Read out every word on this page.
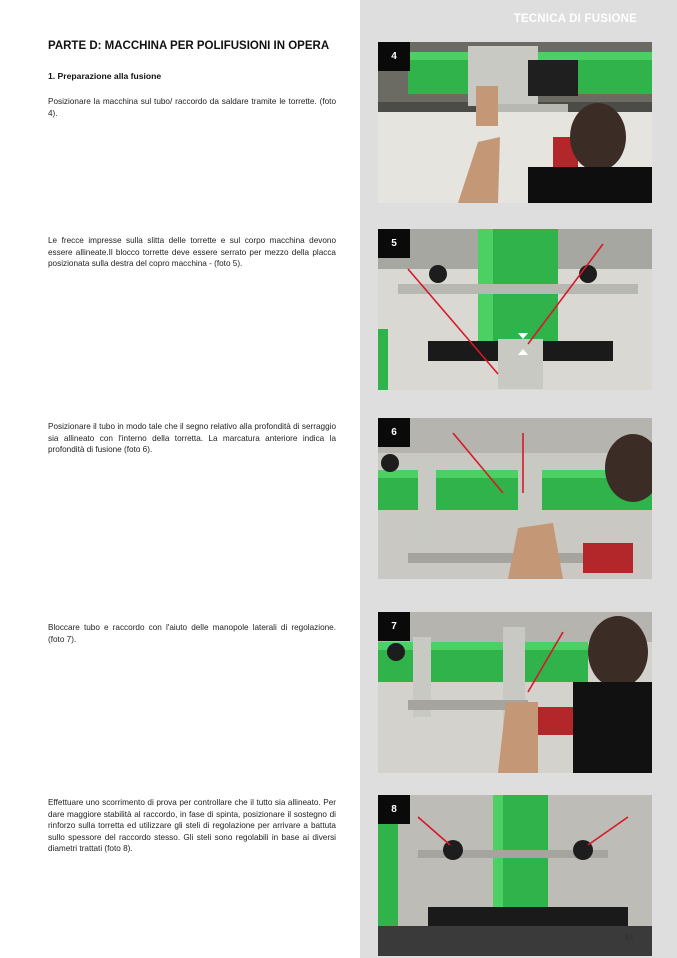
TECNICA DI FUSIONE
PARTE D: MACCHINA PER POLIFUSIONI IN OPERA
1. Preparazione alla fusione

Posizionare la macchina sul tubo/ raccordo da saldare tramite le torrette. (foto 4).

Le frecce impresse sulla slitta delle torrette e sul corpo macchina devono essere allineate.Il blocco torrette deve essere serrato per mezzo della placca posizionata sulla destra del copro macchina - (foto 5).

Posizionare il tubo in modo tale che il segno relativo alla profondità di serraggio sia allineato con l'interno della torretta. La marcatura anteriore indica la profondità di fusione (foto 6).

Bloccare tubo e raccordo con l'aiuto delle manopole laterali di regolazione. (foto 7).

Effettuare uno scorrimento di prova per controllare che il tutto sia allineato. Per dare maggiore stabilità al raccordo, in fase di spinta, posizionare il sostegno di rinforzo sulla torretta ed utilizzare gli steli di regolazione per arrivare a battuta sullo spessore del raccordo stesso. Gli steli sono regolabili in base ai diversi diametri trattati (foto 8).

4
5
6
7
8
51
